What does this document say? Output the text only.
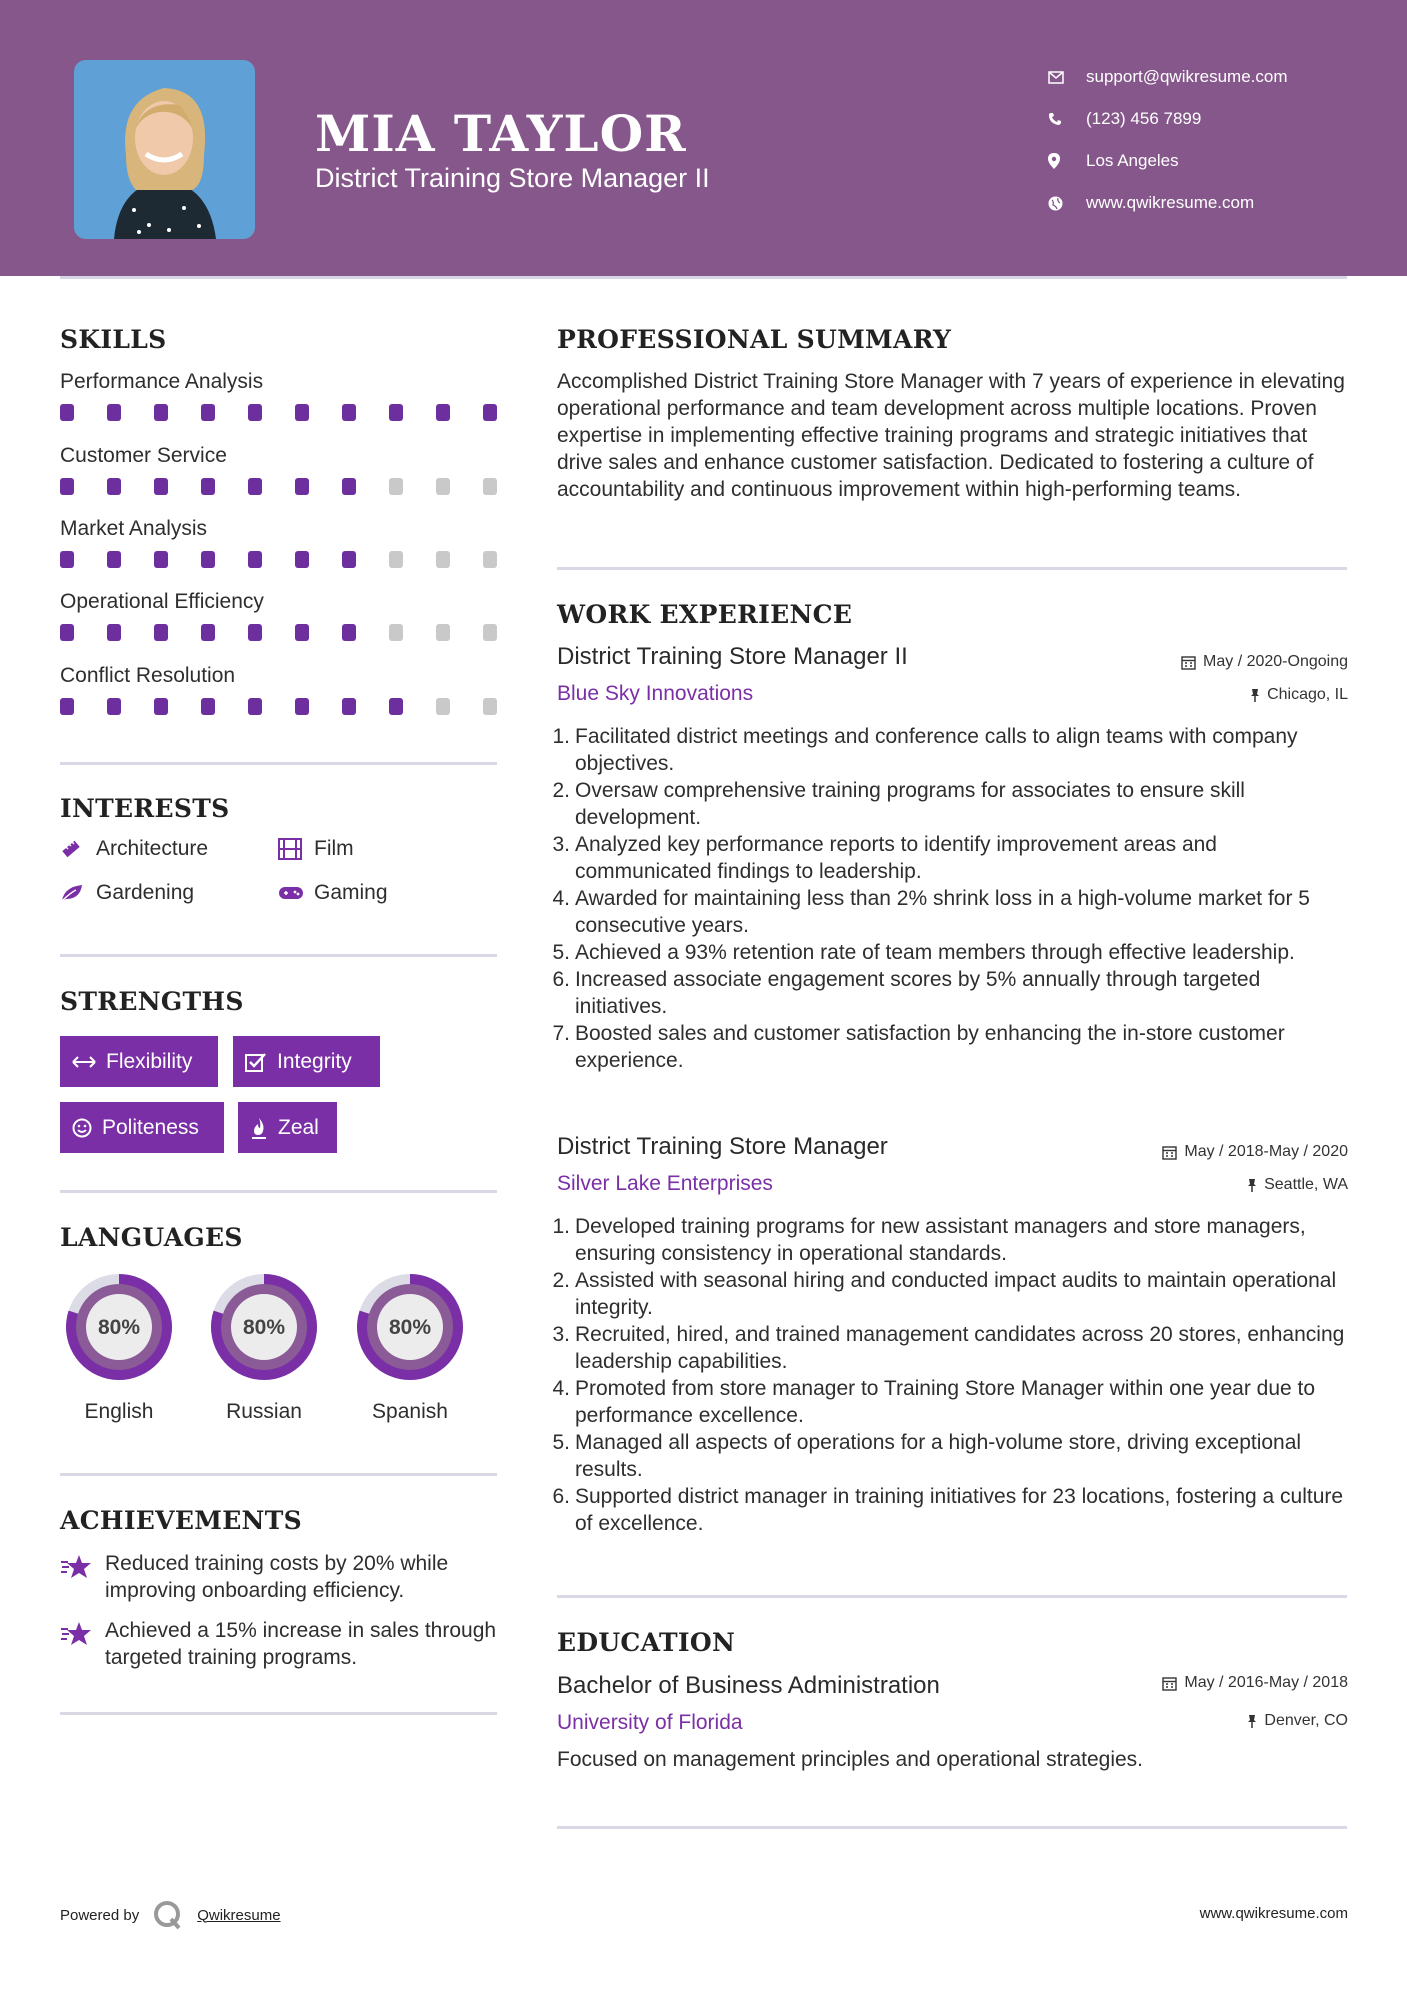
MIA TAYLOR
District Training Store Manager II
support@qwikresume.com
(123) 456 7899
Los Angeles
www.qwikresume.com
SKILLS
Performance Analysis
Customer Service
Market Analysis
Operational Efficiency
Conflict Resolution
INTERESTS
Architecture	Film
Gardening	Gaming
STRENGTHS
Flexibility	Integrity
Politeness	Zeal
LANGUAGES
80%
English
80%
Russian
80%
Spanish
ACHIEVEMENTS
Reduced training costs by 20% while improving onboarding efficiency.
Achieved a 15% increase in sales through targeted training programs.
PROFESSIONAL SUMMARY
Accomplished District Training Store Manager with 7 years of experience in elevating operational performance and team development across multiple locations. Proven expertise in implementing effective training programs and strategic initiatives that drive sales and enhance customer satisfaction. Dedicated to fostering a culture of accountability and continuous improvement within high-performing teams.
WORK EXPERIENCE
District Training Store Manager II	May / 2020-Ongoing
Blue Sky Innovations	Chicago, IL
1. Facilitated district meetings and conference calls to align teams with company objectives.
2. Oversaw comprehensive training programs for associates to ensure skill development.
3. Analyzed key performance reports to identify improvement areas and communicated findings to leadership.
4. Awarded for maintaining less than 2% shrink loss in a high-volume market for 5 consecutive years.
5. Achieved a 93% retention rate of team members through effective leadership.
6. Increased associate engagement scores by 5% annually through targeted initiatives.
7. Boosted sales and customer satisfaction by enhancing the in-store customer experience.
District Training Store Manager	May / 2018-May / 2020
Silver Lake Enterprises	Seattle, WA
1. Developed training programs for new assistant managers and store managers, ensuring consistency in operational standards.
2. Assisted with seasonal hiring and conducted impact audits to maintain operational integrity.
3. Recruited, hired, and trained management candidates across 20 stores, enhancing leadership capabilities.
4. Promoted from store manager to Training Store Manager within one year due to performance excellence.
5. Managed all aspects of operations for a high-volume store, driving exceptional results.
6. Supported district manager in training initiatives for 23 locations, fostering a culture of excellence.
EDUCATION
Bachelor of Business Administration	May / 2016-May / 2018
University of Florida	Denver, CO
Focused on management principles and operational strategies.
Powered by	Qwikresume	www.qwikresume.com
